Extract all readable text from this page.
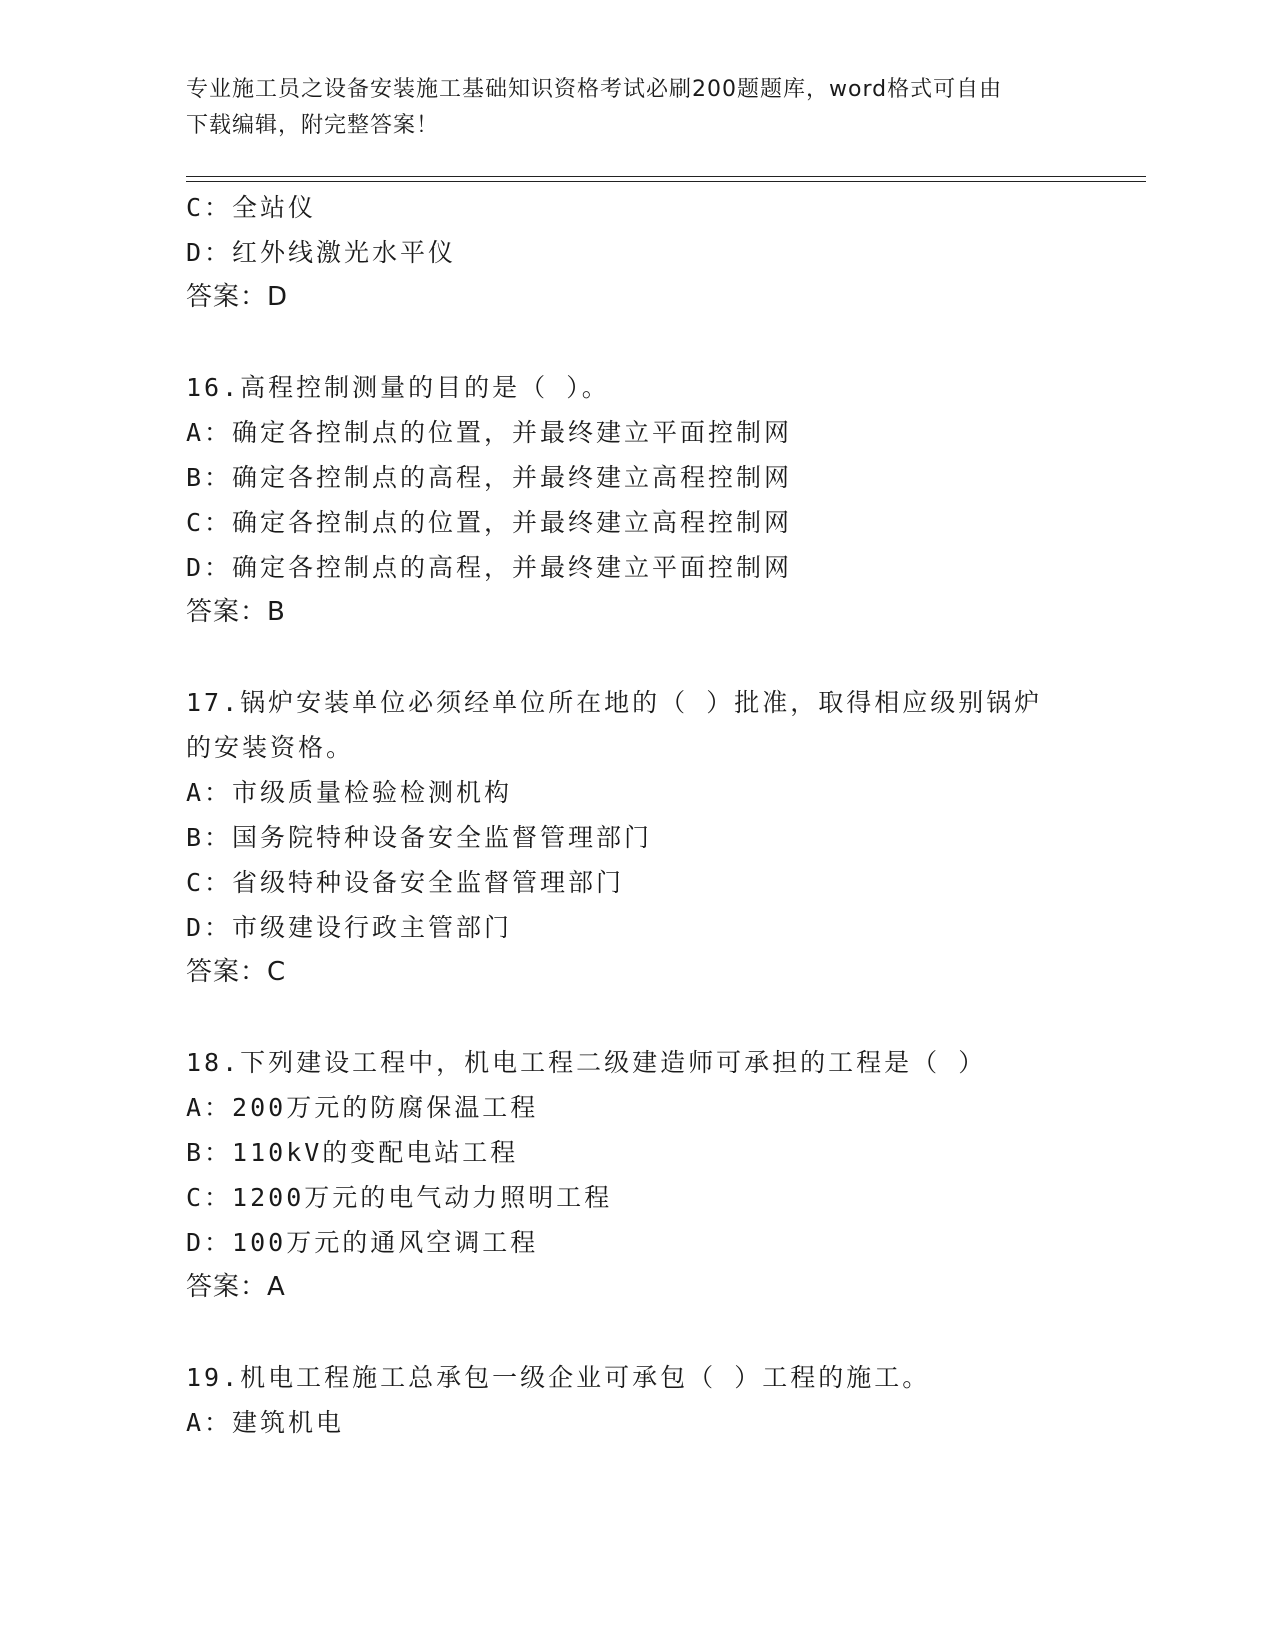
专业施工员之设备安装施工基础知识资格考试必刷200题题库，word格式可自由
下载编辑，附完整答案！
C：全站仪
D：红外线激光水平仪
答案：D
16.高程控制测量的目的是（ ）。
A：确定各控制点的位置，并最终建立平面控制网
B：确定各控制点的高程，并最终建立高程控制网
C：确定各控制点的位置，并最终建立高程控制网
D：确定各控制点的高程，并最终建立平面控制网
答案：B
17.锅炉安装单位必须经单位所在地的（ ）批准，取得相应级别锅炉
的安装资格。
A：市级质量检验检测机构
B：国务院特种设备安全监督管理部门
C：省级特种设备安全监督管理部门
D：市级建设行政主管部门
答案：C
18.下列建设工程中，机电工程二级建造师可承担的工程是（ ）
A：200万元的防腐保温工程
B：110kV的变配电站工程
C：1200万元的电气动力照明工程
D：100万元的通风空调工程
答案：A
19.机电工程施工总承包一级企业可承包（ ）工程的施工。
A：建筑机电
